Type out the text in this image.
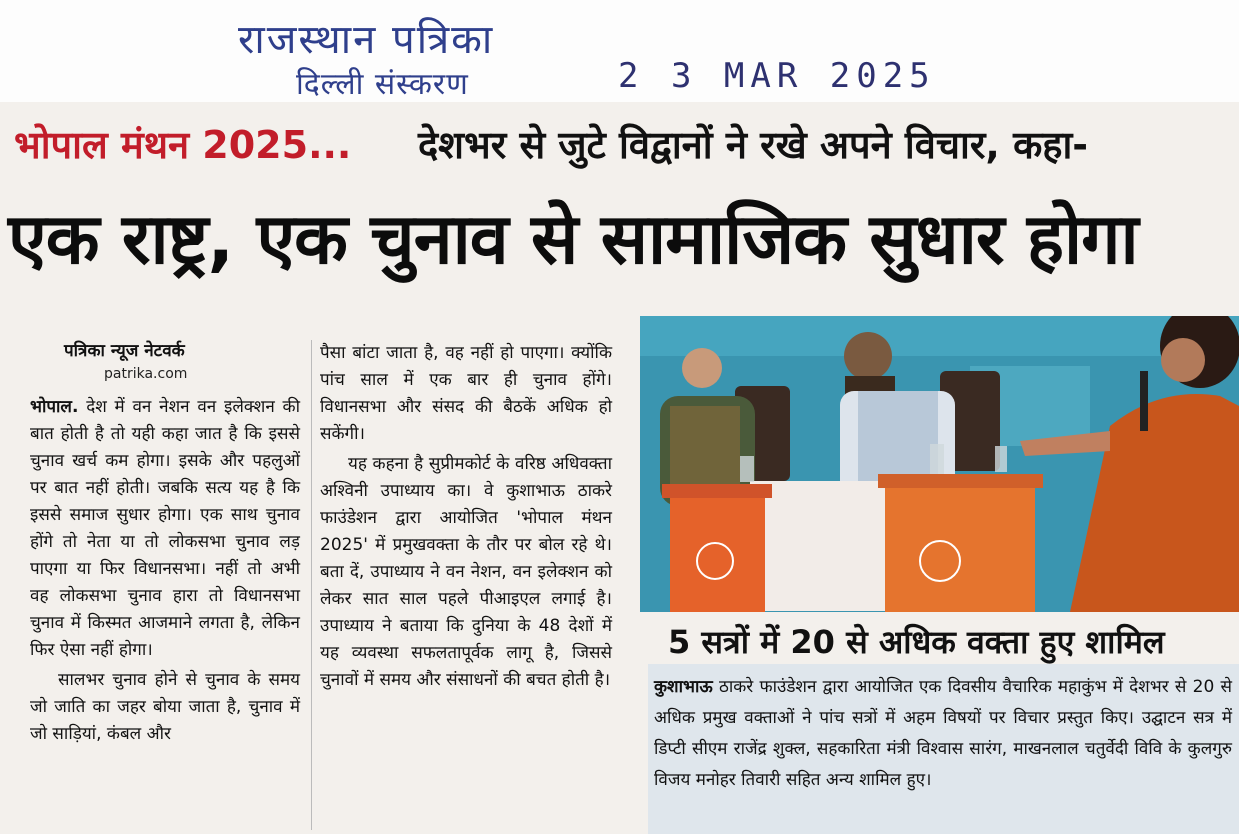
राजस्थान पत्रिका
दिल्ली संस्करण	2 3 MAR 2025
भोपाल मंथन 2025... देशभर से जुटे विद्वानों ने रखे अपने विचार, कहा-
एक राष्ट्र, एक चुनाव से सामाजिक सुधार होगा
पत्रिका न्यूज नेटवर्क
patrika.com

भोपाल. देश में वन नेशन वन इलेक्शन की बात होती है तो यही कहा जात है कि इससे चुनाव खर्च कम होगा। इसके और पहलुओं पर बात नहीं होती। जबकि सत्य यह है कि इससे समाज सुधार होगा। एक साथ चुनाव होंगे तो नेता या तो लोकसभा चुनाव लड़ पाएगा या फिर विधानसभा। नहीं तो अभी वह लोकसभा चुनाव हारा तो विधानसभा चुनाव में किस्मत आजमाने लगता है, लेकिन फिर ऐसा नहीं होगा।

सालभर चुनाव होने से चुनाव के समय जो जाति का जहर बोया जाता है, चुनाव में जो साड़ियां, कंबल और

पैसा बांटा जाता है, वह नहीं हो पाएगा। क्योंकि पांच साल में एक बार ही चुनाव होंगे। विधानसभा और संसद की बैठकें अधिक हो सकेंगी।

यह कहना है सुप्रीमकोर्ट के वरिष्ठ अधिवक्ता अश्विनी उपाध्याय का। वे कुशाभाऊ ठाकरे फाउंडेशन द्वारा आयोजित 'भोपाल मंथन 2025' में प्रमुखवक्ता के तौर पर बोल रहे थे। बता दें, उपाध्याय ने वन नेशन, वन इलेक्शन को लेकर सात साल पहले पीआइएल लगाई है। उपाध्याय ने बताया कि दुनिया के 48 देशों में यह व्यवस्था सफलतापूर्वक लागू है, जिससे चुनावों में समय और संसाधनों की बचत होती है।

5 सत्रों में 20 से अधिक वक्ता हुए शामिल
कुशाभाऊ ठाकरे फाउंडेशन द्वारा आयोजित एक दिवसीय वैचारिक महाकुंभ में देशभर से 20 से अधिक प्रमुख वक्ताओं ने पांच सत्रों में अहम विषयों पर विचार प्रस्तुत किए। उद्घाटन सत्र में डिप्टी सीएम राजेंद्र शुक्ल, सहकारिता मंत्री विश्वास सारंग, माखनलाल चतुर्वेदी विवि के कुलगुरु विजय मनोहर तिवारी सहित अन्य शामिल हुए।
